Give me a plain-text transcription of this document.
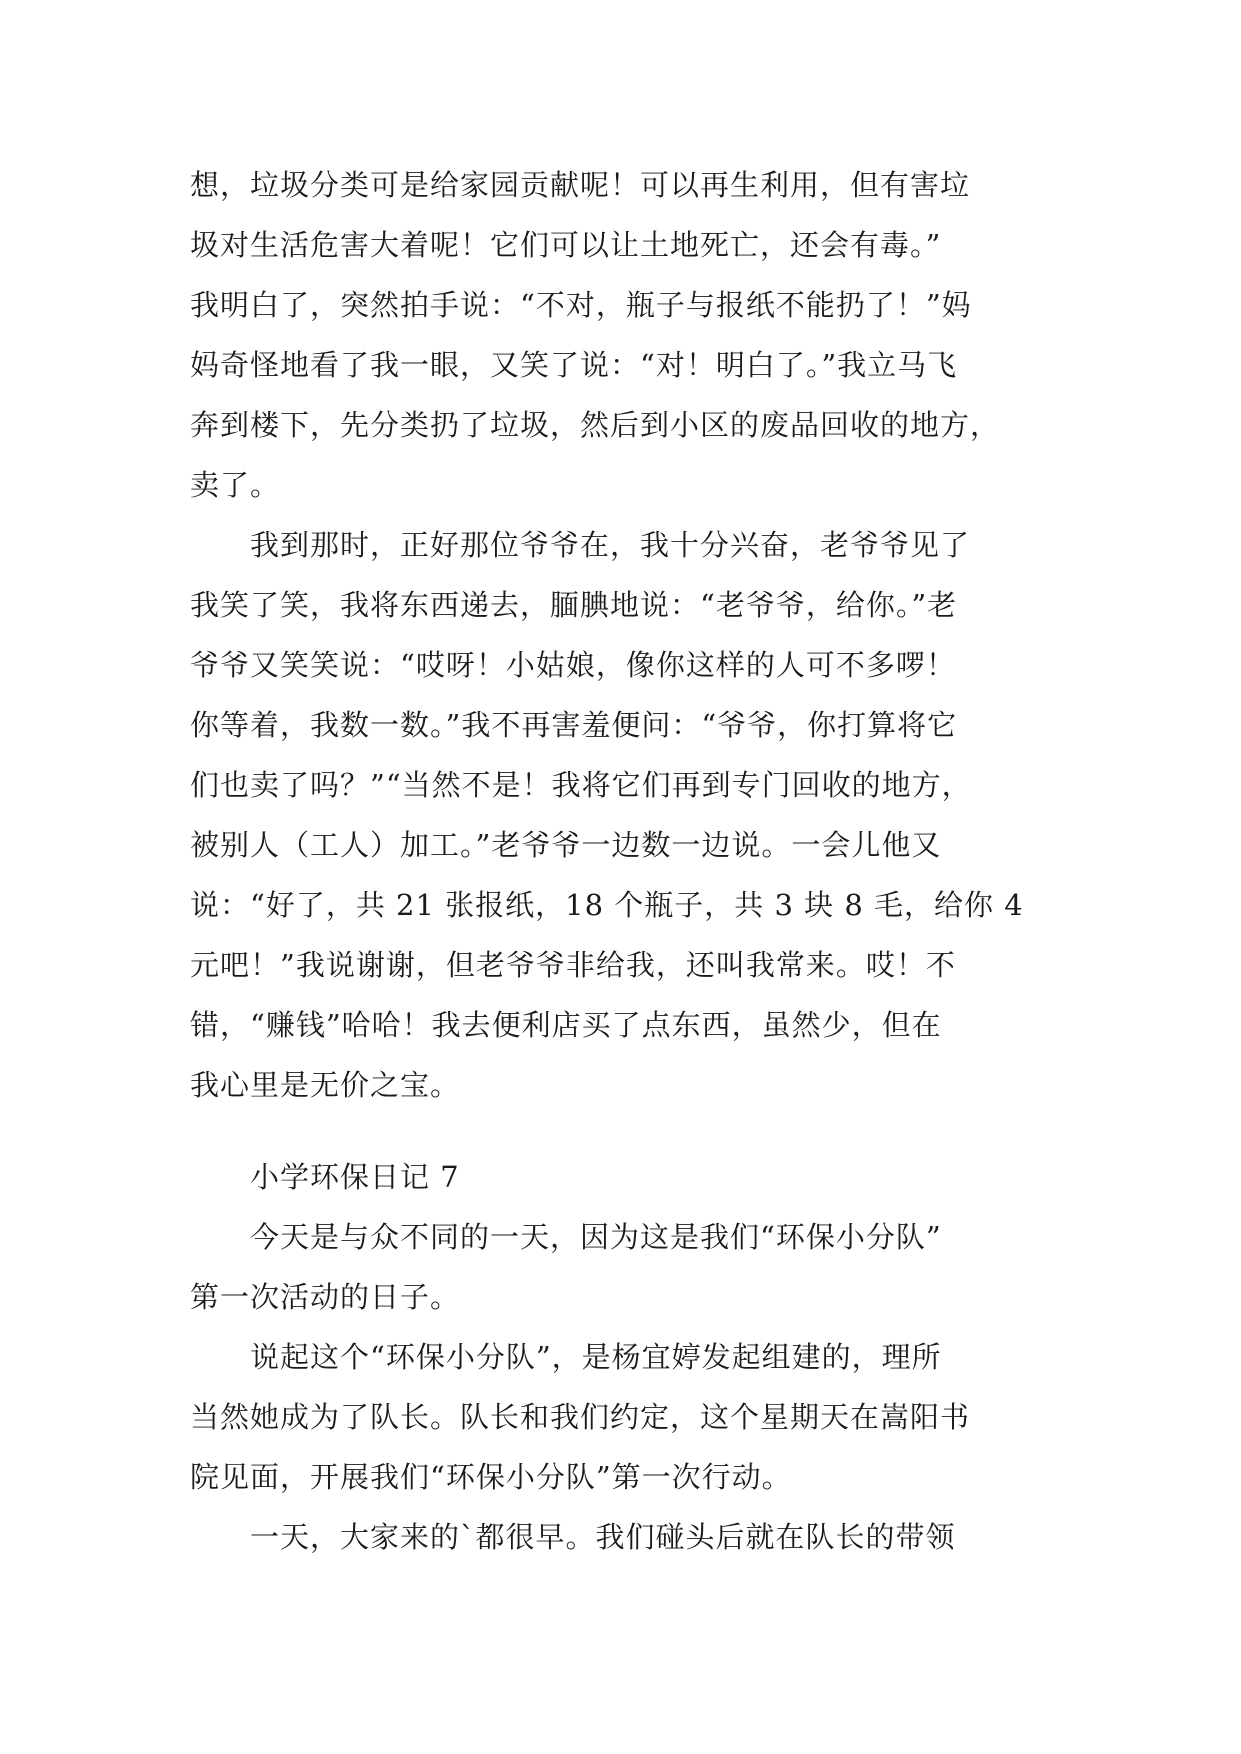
想，垃圾分类可是给家园贡献呢！可以再生利用，但有害垃
圾对生活危害大着呢！它们可以让土地死亡，还会有毒。”
我明白了，突然拍手说：“不对，瓶子与报纸不能扔了！”妈
妈奇怪地看了我一眼，又笑了说：“对！明白了。”我立马飞
奔到楼下，先分类扔了垃圾，然后到小区的废品回收的地方，
卖了。
　　我到那时，正好那位爷爷在，我十分兴奋，老爷爷见了
我笑了笑，我将东西递去，腼腆地说：“老爷爷，给你。”老
爷爷又笑笑说：“哎呀！小姑娘，像你这样的人可不多啰！
你等着，我数一数。”我不再害羞便问：“爷爷，你打算将它
们也卖了吗？”“当然不是！我将它们再到专门回收的地方，
被别人（工人）加工。”老爷爷一边数一边说。一会儿他又
说：“好了，共 21 张报纸，18 个瓶子，共 3 块 8 毛，给你 4
元吧！”我说谢谢，但老爷爷非给我，还叫我常来。哎！不
错，“赚钱”哈哈！我去便利店买了点东西，虽然少，但在
我心里是无价之宝。
　　小学环保日记 7
　　今天是与众不同的一天，因为这是我们“环保小分队”
第一次活动的日子。
　　说起这个“环保小分队”，是杨宜婷发起组建的，理所
当然她成为了队长。队长和我们约定，这个星期天在嵩阳书
院见面，开展我们“环保小分队”第一次行动。
　　一天，大家来的`都很早。我们碰头后就在队长的带领
